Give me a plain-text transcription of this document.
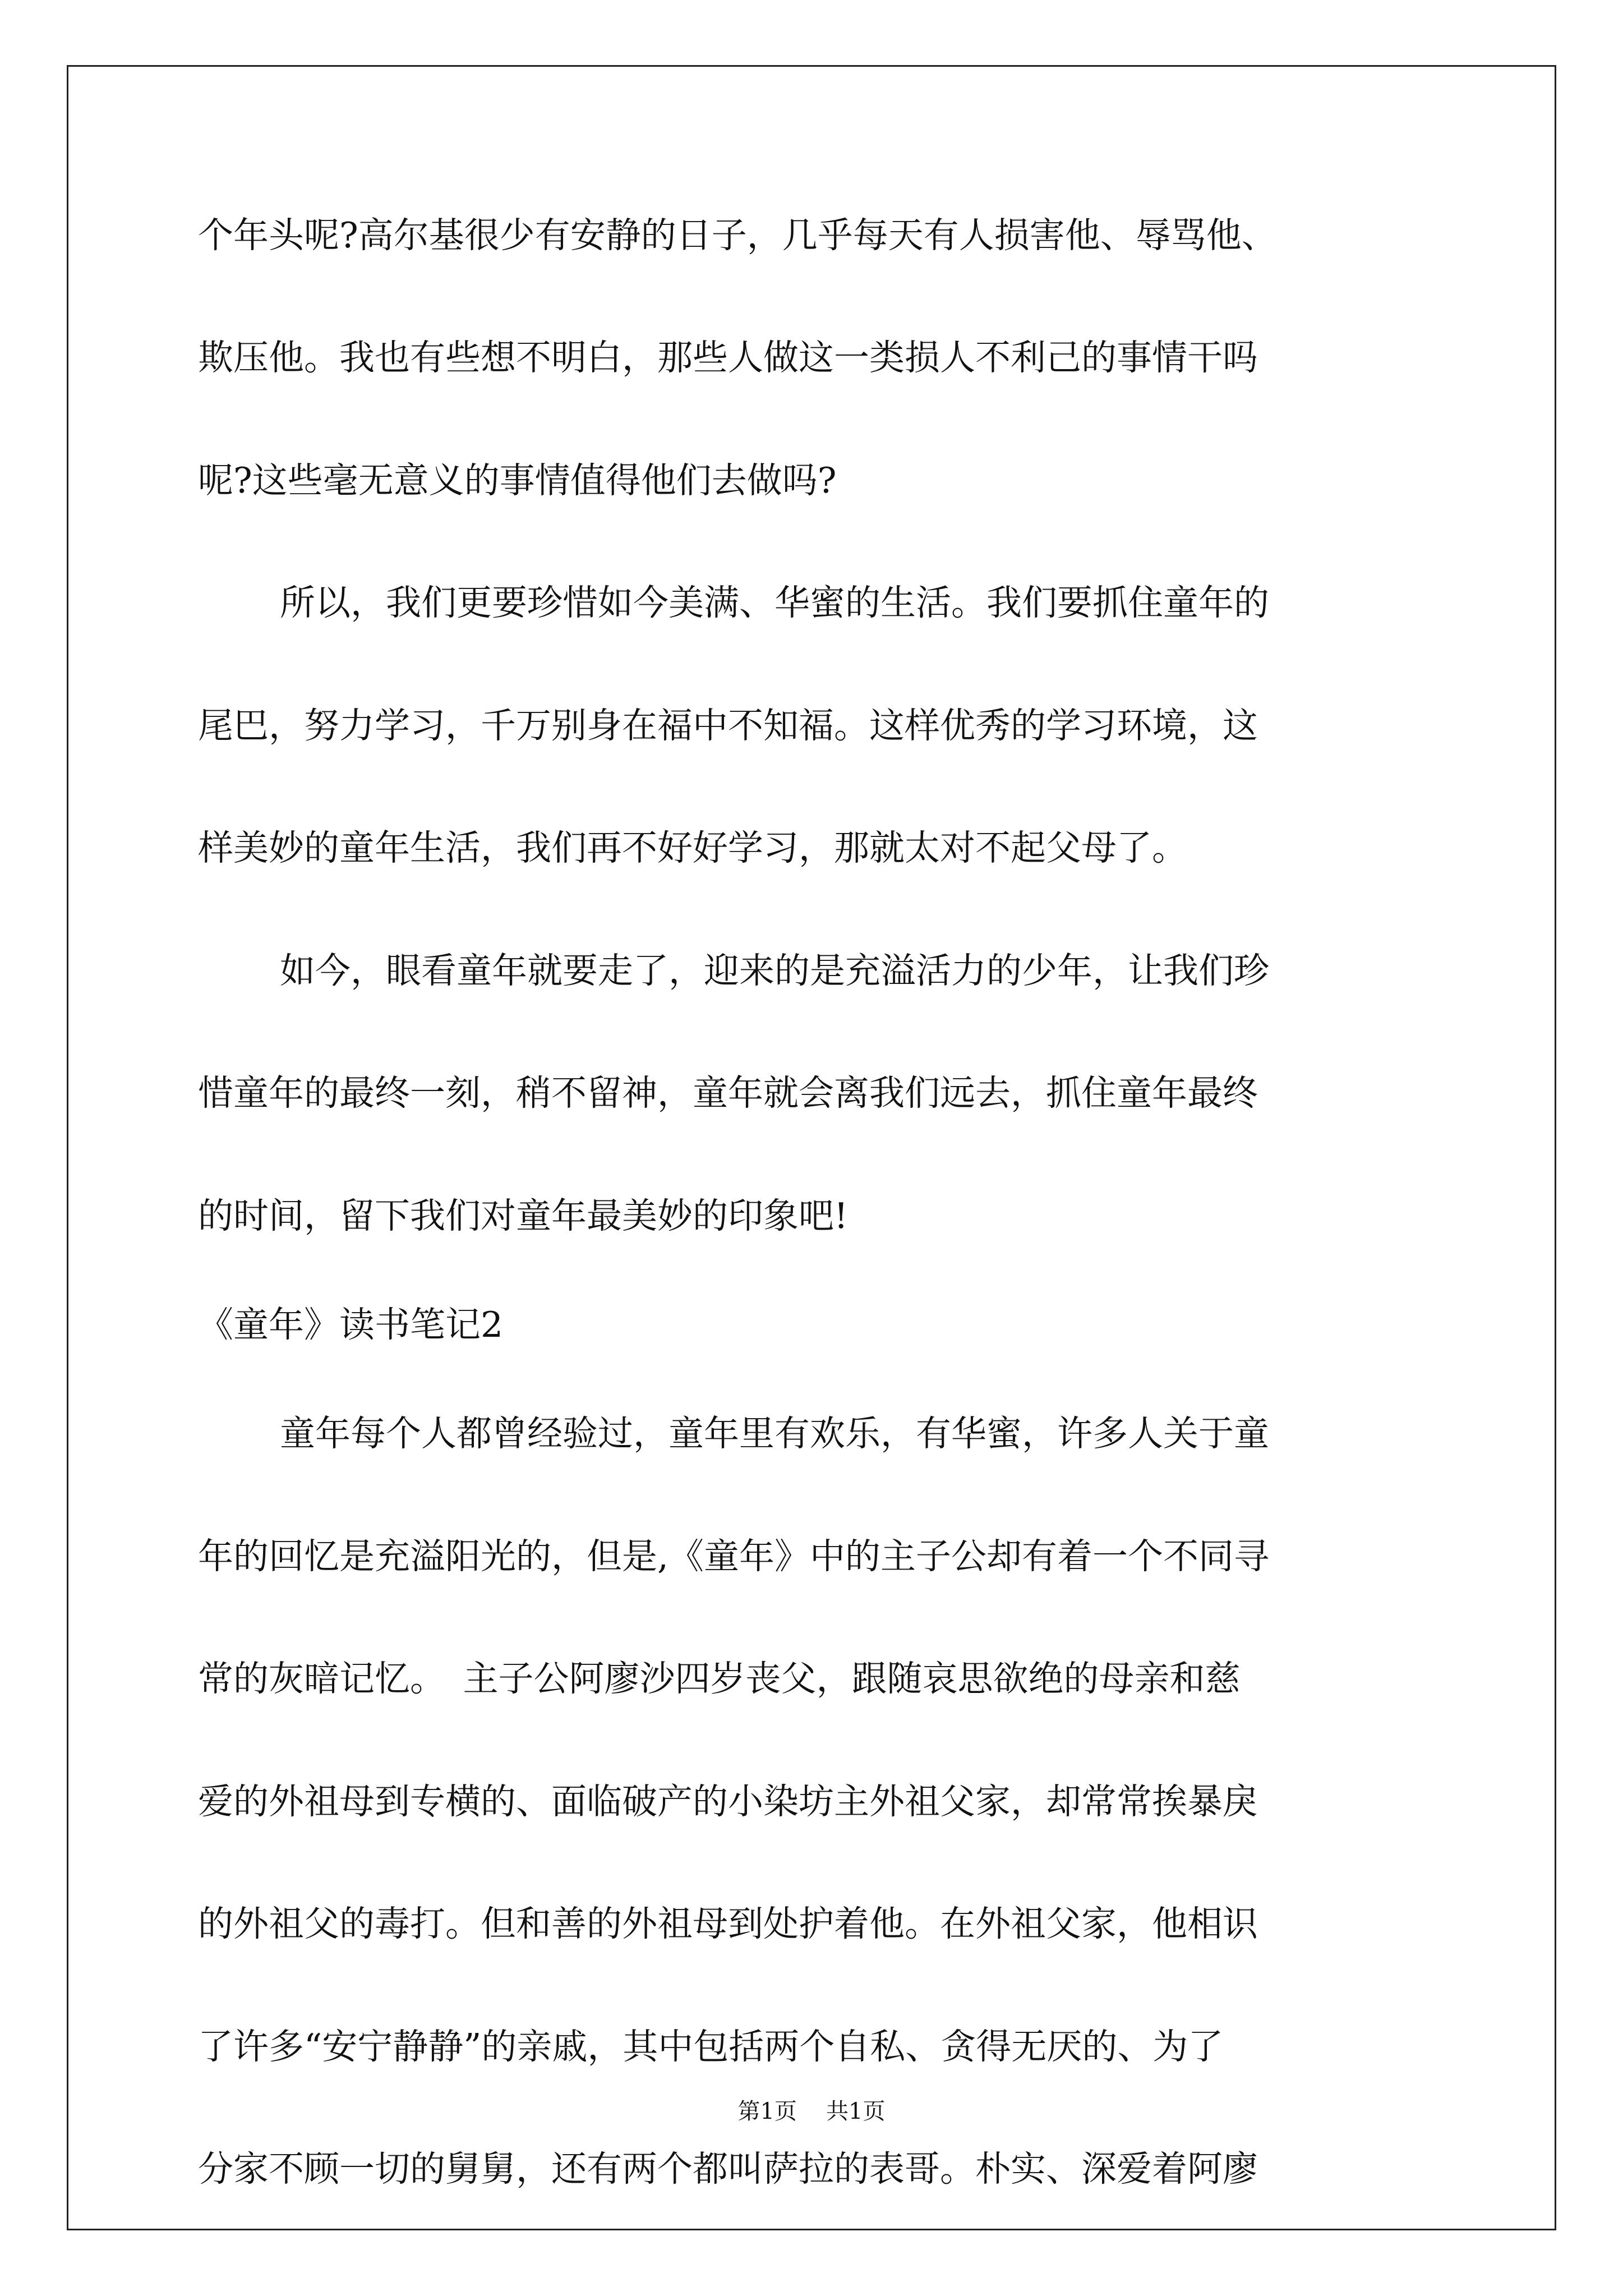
个年头呢?高尔基很少有安静的日子，几乎每天有人损害他、辱骂他、

欺压他。我也有些想不明白，那些人做这一类损人不利己的事情干吗

呢?这些毫无意义的事情值得他们去做吗?

所以，我们更要珍惜如今美满、华蜜的生活。我们要抓住童年的

尾巴，努力学习，千万别身在福中不知福。这样优秀的学习环境，这

样美妙的童年生活，我们再不好好学习，那就太对不起父母了。

如今，眼看童年就要走了，迎来的是充溢活力的少年，让我们珍

惜童年的最终一刻，稍不留神，童年就会离我们远去，抓住童年最终

的时间，留下我们对童年最美妙的印象吧!

《童年》读书笔记2

童年每个人都曾经验过，童年里有欢乐，有华蜜，许多人关于童

年的回忆是充溢阳光的，但是,《童年》中的主子公却有着一个不同寻

常的灰暗记忆。　主子公阿廖沙四岁丧父，跟随哀思欲绝的母亲和慈

爱的外祖母到专横的、面临破产的小染坊主外祖父家，却常常挨暴戾

的外祖父的毒打。但和善的外祖母到处护着他。在外祖父家，他相识

了许多“安宁静静”的亲戚，其中包括两个自私、贪得无厌的、为了

分家不顾一切的舅舅，还有两个都叫萨拉的表哥。朴实、深爱着阿廖

第1页 共1页
